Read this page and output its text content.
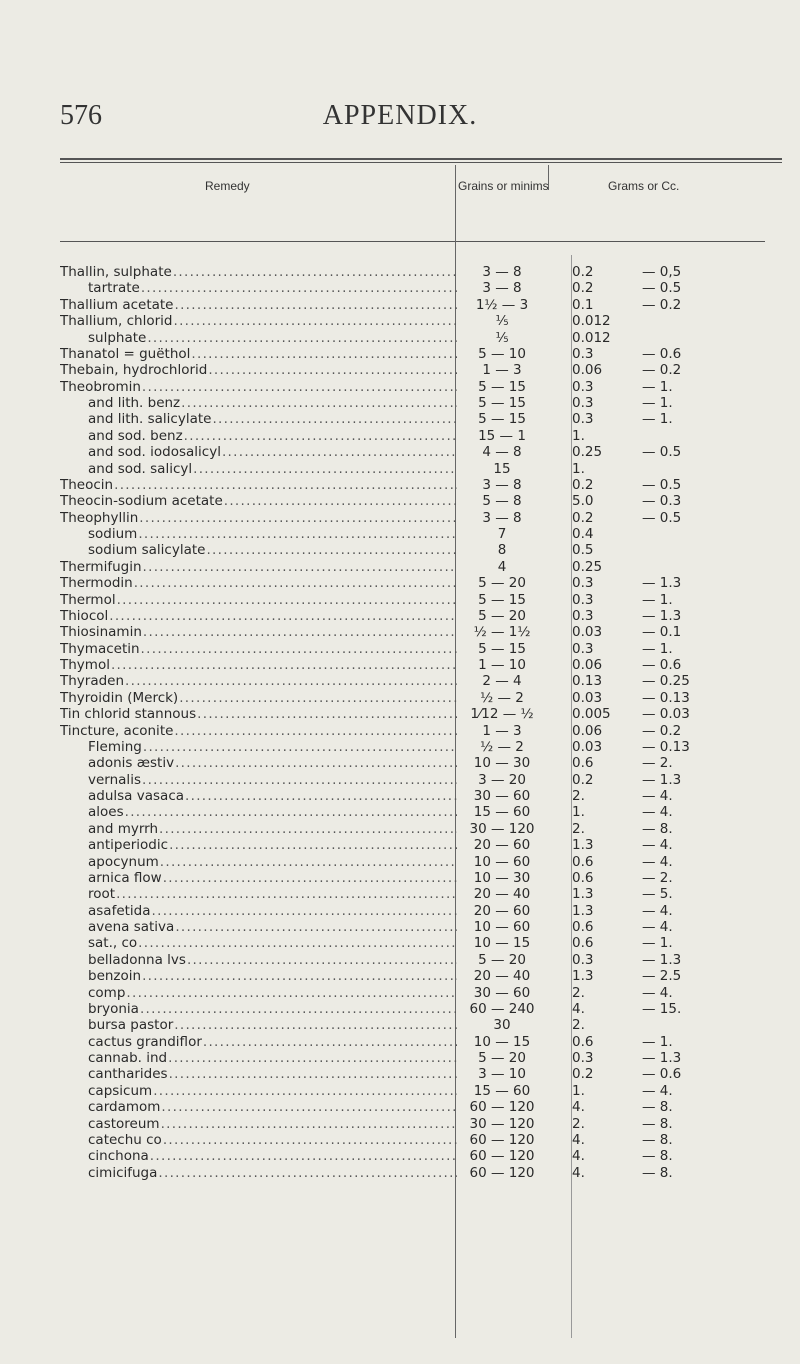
576	APPENDIX.
Remedy	Grains or minims	Grams or Cc.
Thallin, sulphate .....	3 — 8	0.2	— 0,5
tartrate .....	3 — 8	0.2	— 0.5
Thallium acetate .....	1½ — 3	0.1	— 0.2
Thallium, chlorid .....	⅕	0.012
sulphate .....	⅕	0.012
Thanatol = guëthol .....	5 — 10	0.3	— 0.6
Thebain, hydrochlorid .....	1 — 3	0.06	— 0.2
Theobromin .....	5 — 15	0.3	— 1.
and lith. benz .....	5 — 15	0.3	— 1.
and lith. salicylate .....	5 — 15	0.3	— 1.
and sod. benz .....	15 — 1	1.
and sod. iodosalicyl .....	4 — 8	0.25	— 0.5
and sod. salicyl .....	15	1.
Theocin .....	3 — 8	0.2	— 0.5
Theocin-sodium acetate .....	5 — 8	5.0	— 0.3
Theophyllin .....	3 — 8	0.2	— 0.5
sodium .....	7	0.4
sodium salicylate .....	8	0.5
Thermifugin .....	4	0.25
Thermodin .....	5 — 20	0.3	— 1.3
Thermol .....	5 — 15	0.3	— 1.
Thiocol .....	5 — 20	0.3	— 1.3
Thiosinamin .....	½ — 1½	0.03	— 0.1
Thymacetin .....	5 — 15	0.3	— 1.
Thymol .....	1 — 10	0.06	— 0.6
Thyraden .....	2 — 4	0.13	— 0.25
Thyroidin (Merck) .....	½ — 2	0.03	— 0.13
Tin chlorid stannous .....	1⁄12 — ½	0.005 — 0.03
Tincture, aconite .....	1 — 3	0.06	— 0.2
Fleming .....	½ — 2	0.03	— 0.13
adonis æstiv .....	10 — 30	0.6	— 2.
vernalis .....	3 — 20	0.2	— 1.3
adulsa vasaca .....	30 — 60	2.	— 4.
aloes .....	15 — 60	1.	— 4.
and myrrh .....	30 — 120	2.	— 8.
antiperiodic .....	20 — 60	1.3	— 4.
apocynum .....	10 — 60	0.6	— 4.
arnica flow .....	10 — 30	0.6	— 2.
root .....	20 — 40	1.3	— 5.
asafetida .....	20 — 60	1.3	— 4.
avena sativa .....	10 — 60	0.6	— 4.
sat., co .....	10 — 15	0.6	— 1.
belladonna lvs .....	5 — 20	0.3	— 1.3
benzoin .....	20 — 40	1.3	— 2.5
comp .....	30 — 60	2.	— 4.
bryonia .....	60 — 240	4.	— 15.
bursa pastor .....	30	2.
cactus grandiflor .....	10 — 15	0.6	— 1.
cannab. ind .....	5 — 20	0.3	— 1.3
cantharides .....	3 — 10	0.2	— 0.6
capsicum .....	15 — 60	1.	— 4.
cardamom .....	60 — 120	4.	— 8.
castoreum .....	30 — 120	2.	— 8.
catechu co .....	60 — 120	4.	— 8.
cinchona .....	60 — 120	4.	— 8.
cimicifuga .....	60 — 120	4.	— 8.
